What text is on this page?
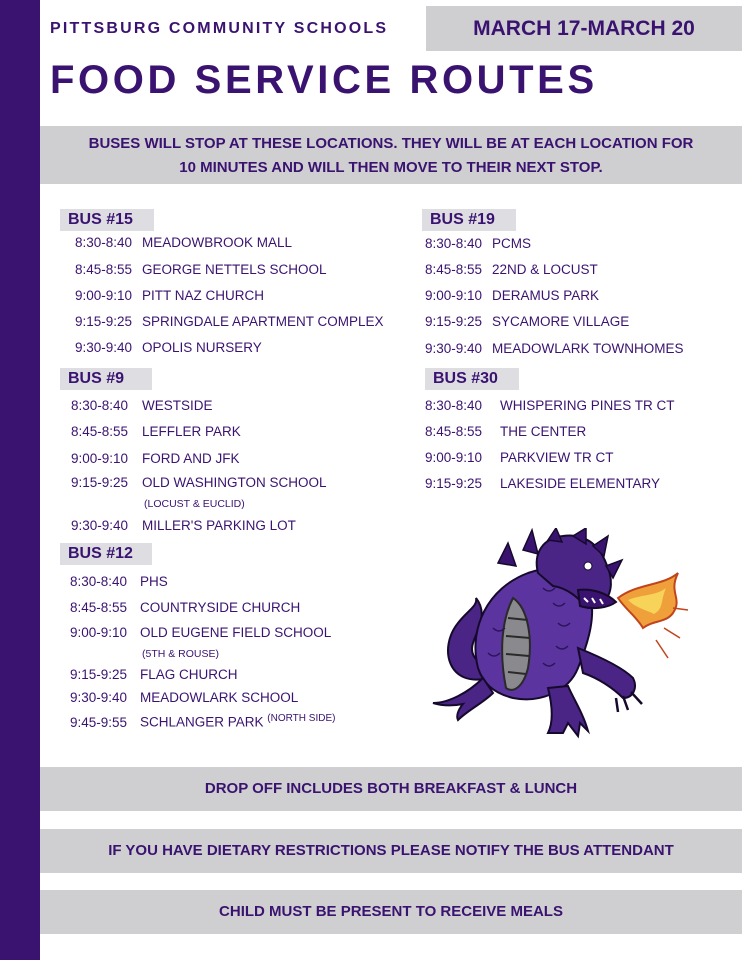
PITTSBURG COMMUNITY SCHOOLS	MARCH 17-MARCH 20
FOOD SERVICE ROUTES
BUSES WILL STOP AT THESE LOCATIONS. THEY WILL BE AT EACH LOCATION FOR
10 MINUTES AND WILL THEN MOVE TO THEIR NEXT STOP.
BUS #15
8:30-8:40 MEADOWBROOK MALL
8:45-8:55 GEORGE NETTELS SCHOOL
9:00-9:10 PITT NAZ CHURCH
9:15-9:25 SPRINGDALE APARTMENT COMPLEX
9:30-9:40 OPOLIS NURSERY
BUS #9
8:30-8:40 WESTSIDE
8:45-8:55 LEFFLER PARK
9:00-9:10 FORD AND JFK
9:15-9:25 OLD WASHINGTON SCHOOL
(LOCUST & EUCLID)
9:30-9:40 MILLER'S PARKING LOT
BUS #12
8:30-8:40 PHS
8:45-8:55 COUNTRYSIDE CHURCH
9:00-9:10 OLD EUGENE FIELD SCHOOL
(5TH & ROUSE)
9:15-9:25 FLAG CHURCH
9:30-9:40 MEADOWLARK SCHOOL
9:45-9:55 SCHLANGER PARK $^{(NORTH SIDE)}$
BUS #19
8:30-8:40 PCMS
8:45-8:55 22ND & LOCUST
9:00-9:10 DERAMUS PARK
9:15-9:25 SYCAMORE VILLAGE
9:30-9:40 MEADOWLARK TOWNHOMES
BUS #30
8:30-8:40 WHISPERING PINES TR CT
8:45-8:55 THE CENTER
9:00-9:10 PARKVIEW TR CT
9:15-9:25 LAKESIDE ELEMENTARY
DROP OFF INCLUDES BOTH BREAKFAST & LUNCH
IF YOU HAVE DIETARY RESTRICTIONS PLEASE NOTIFY THE BUS ATTENDANT
CHILD MUST BE PRESENT TO RECEIVE MEALS
